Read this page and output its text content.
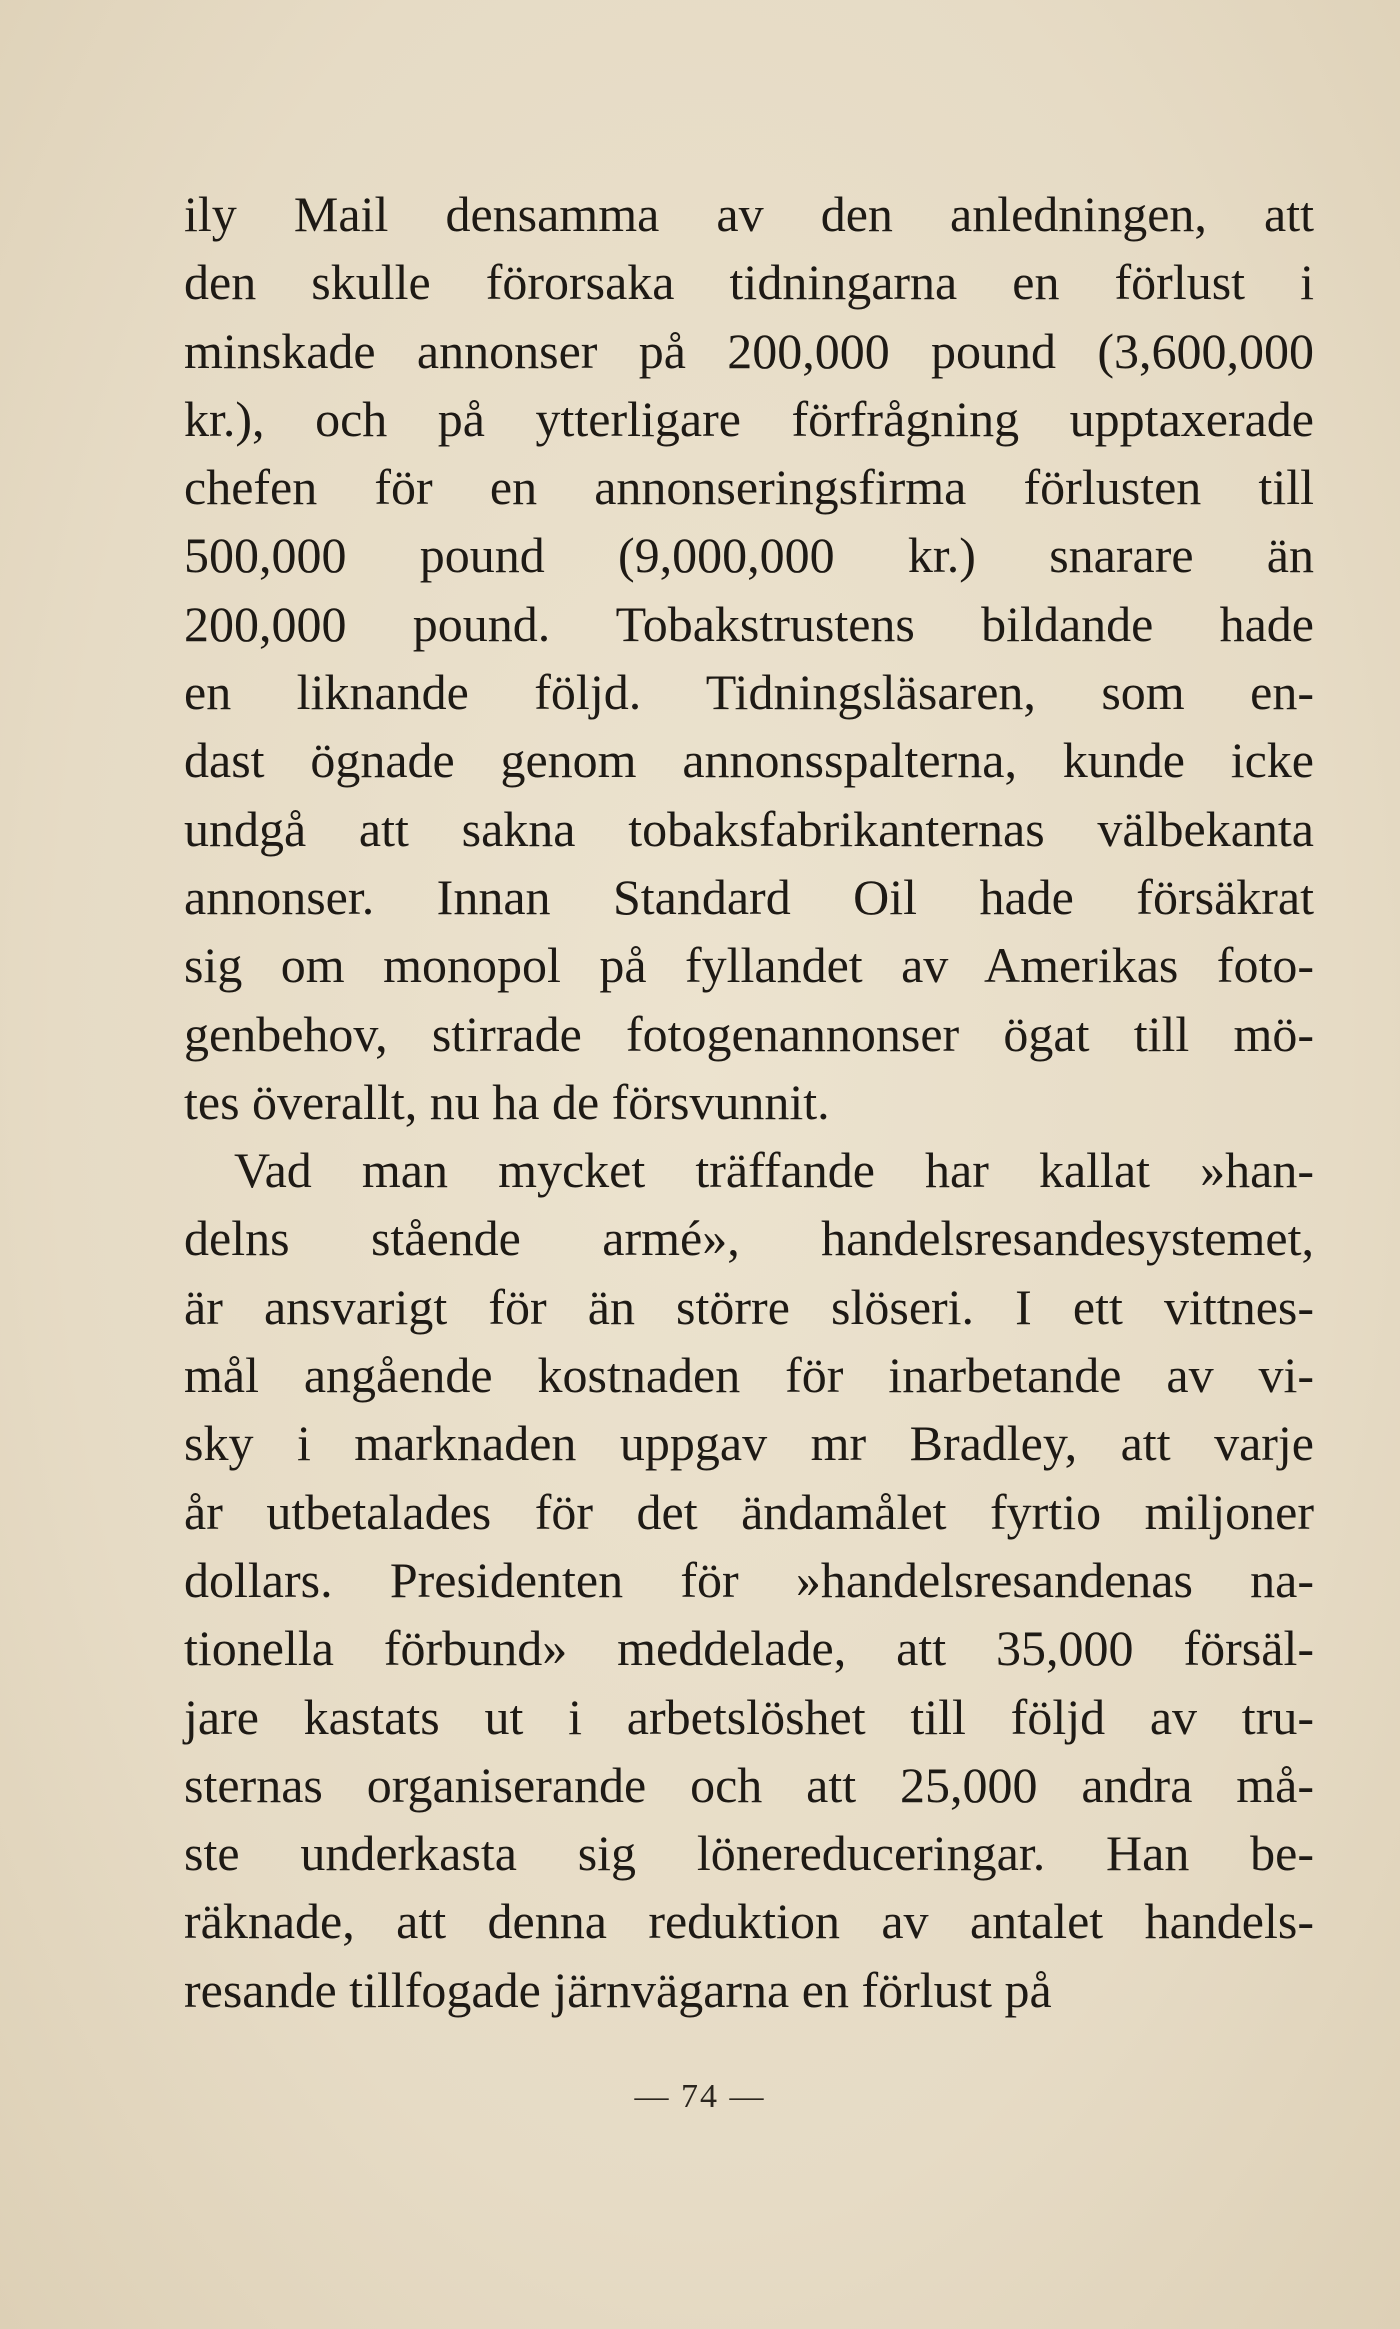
ily Mail densamma av den anledningen, att
den skulle förorsaka tidningarna en förlust i
minskade annonser på 200,000 pound (3,600,000
kr.), och på ytterligare förfrågning upptaxerade
chefen för en annonseringsfirma förlusten till
500,000 pound (9,000,000 kr.) snarare än
200,000 pound. Tobakstrustens bildande hade
en liknande följd. Tidningsläsaren, som en-
dast ögnade genom annonsspalterna, kunde icke
undgå att sakna tobaksfabrikanternas välbekanta
annonser. Innan Standard Oil hade försäkrat
sig om monopol på fyllandet av Amerikas foto-
genbehov, stirrade fotogenannonser ögat till mö-
tes överallt, nu ha de försvunnit.
Vad man mycket träffande har kallat »han-
delns stående armé», handelsresandesystemet,
är ansvarigt för än större slöseri. I ett vittnes-
mål angående kostnaden för inarbetande av vi-
sky i marknaden uppgav mr Bradley, att varje
år utbetalades för det ändamålet fyrtio miljoner
dollars. Presidenten för »handelsresandenas na-
tionella förbund» meddelade, att 35,000 försäl-
jare kastats ut i arbetslöshet till följd av tru-
sternas organiserande och att 25,000 andra må-
ste underkasta sig lönereduceringar. Han be-
räknade, att denna reduktion av antalet handels-
resande tillfogade järnvägarna en förlust på
— 74 —
